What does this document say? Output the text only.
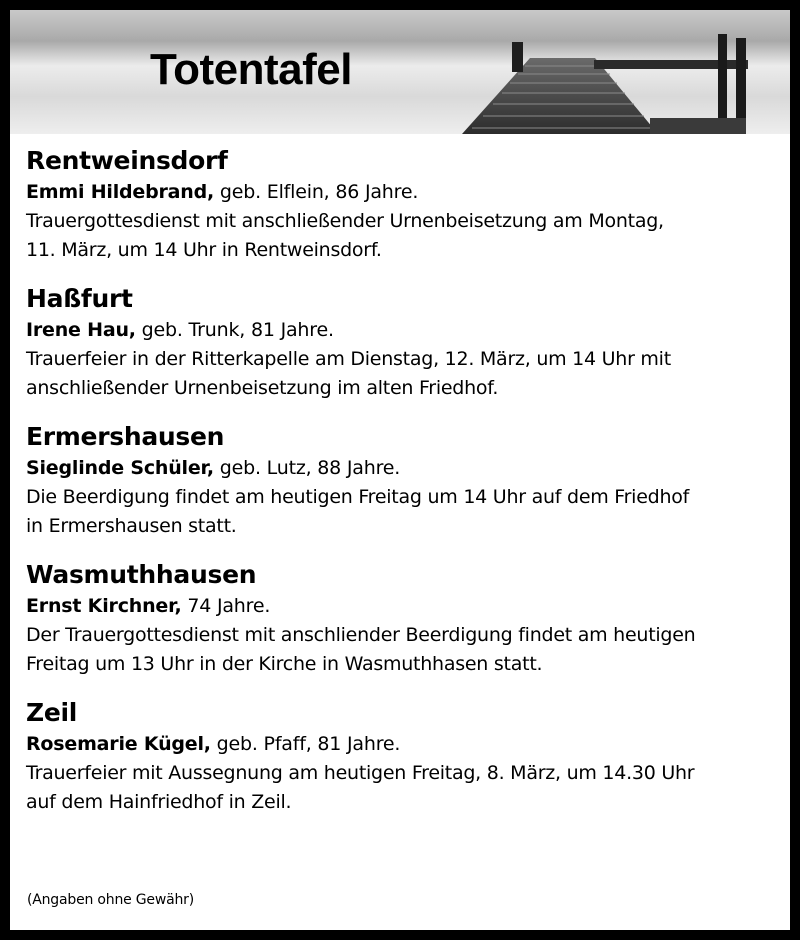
Totentafel
Rentweinsdorf
Emmi Hildebrand, geb. Elflein, 86 Jahre.
Trauergottesdienst mit anschließender Urnenbeisetzung am Montag,
11. März, um 14 Uhr in Rentweinsdorf.
Haßfurt
Irene Hau, geb. Trunk, 81 Jahre.
Trauerfeier in der Ritterkapelle am Dienstag, 12. März, um 14 Uhr mit
anschließender Urnenbeisetzung im alten Friedhof.
Ermershausen
Sieglinde Schüler, geb. Lutz, 88 Jahre.
Die Beerdigung findet am heutigen Freitag um 14 Uhr auf dem Friedhof
in Ermershausen statt.
Wasmuthhausen
Ernst Kirchner, 74 Jahre.
Der Trauergottesdienst mit anschliender Beerdigung findet am heutigen
Freitag um 13 Uhr in der Kirche in Wasmuthhasen statt.
Zeil
Rosemarie Kügel, geb. Pfaff, 81 Jahre.
Trauerfeier mit Aussegnung am heutigen Freitag, 8. März, um 14.30 Uhr
auf dem Hainfriedhof in Zeil.
(Angaben ohne Gewähr)
